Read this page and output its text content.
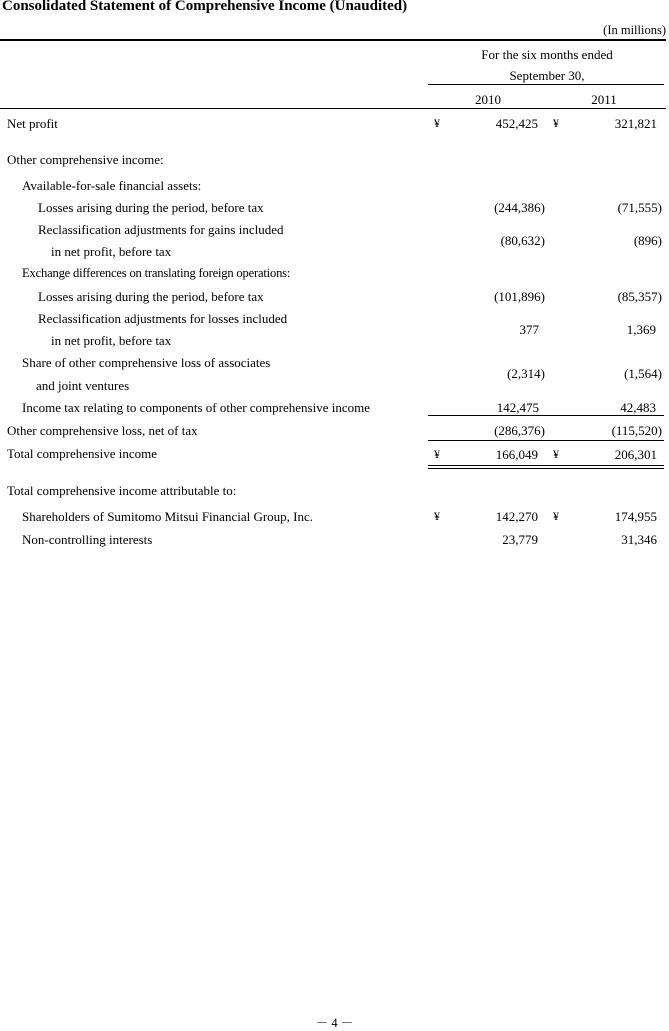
Consolidated Statement of Comprehensive Income (Unaudited)
(In millions)
For the six months ended
September 30,
2010	2011
Net profit	¥	452,425 ¥	321,821
Other comprehensive income:
Available-for-sale financial assets:
Losses arising during the period, before tax	(244,386)	(71,555)
Reclassification adjustments for gains included
in net profit, before tax
(80,632)	(896)
Exchange differences on translating foreign operations:
Losses arising during the period, before tax	(101,896)	(85,357)
Reclassification adjustments for losses included
in net profit, before tax
377	1,369
Share of other comprehensive loss of associates
and joint ventures
(2,314)	(1,564)
Income tax relating to components of other comprehensive income	142,475	42,483
Other comprehensive loss, net of tax	(286,376)	(115,520)
Total comprehensive income	¥	166,049 ¥	206,301
Total comprehensive income attributable to:
Shareholders of Sumitomo Mitsui Financial Group, Inc.	¥	142,270 ¥	174,955
Non-controlling interests	23,779	31,346
－ 4 －
